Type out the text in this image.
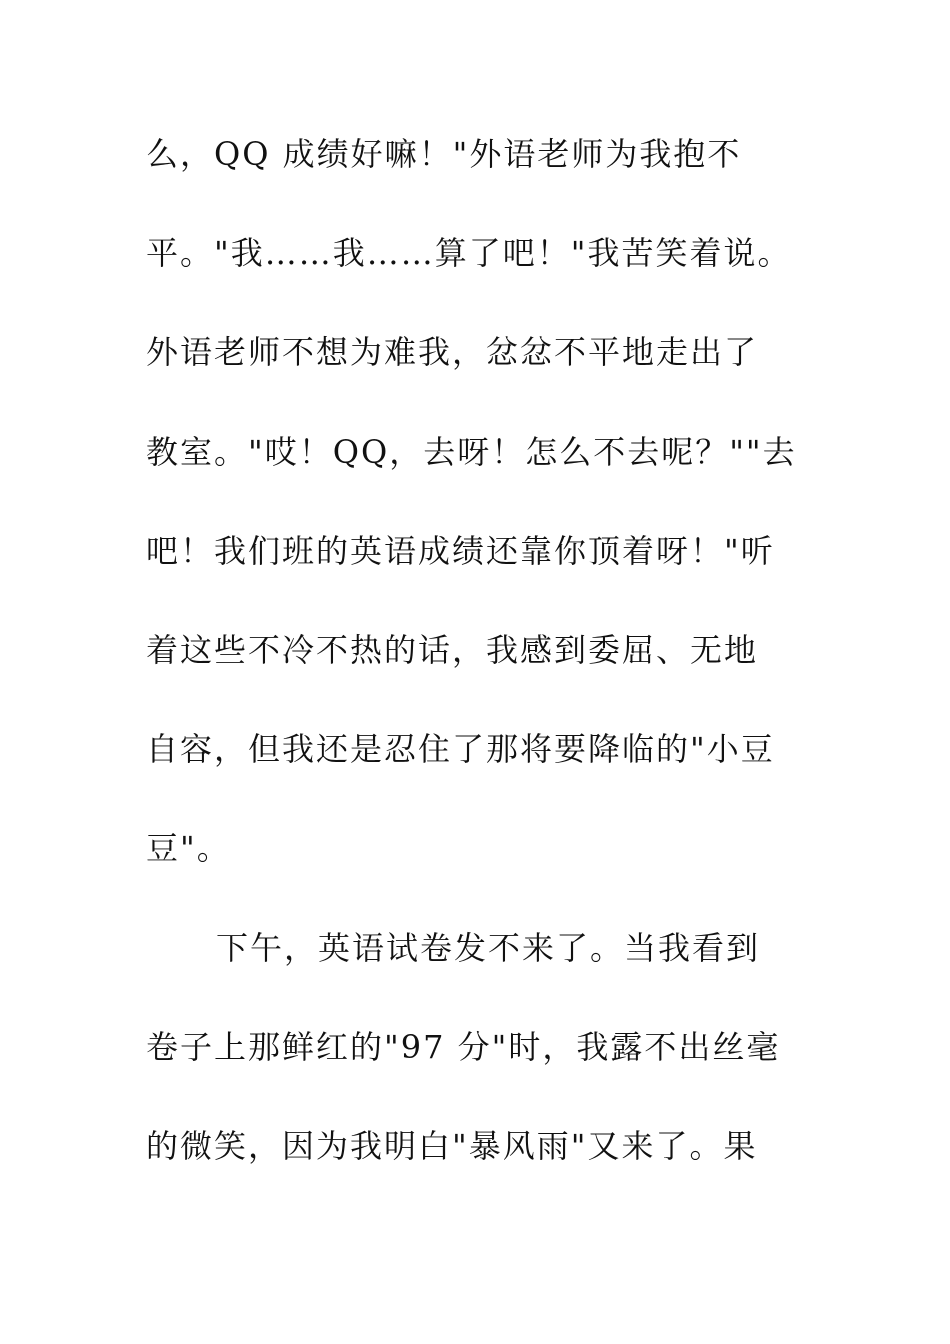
么，QQ 成绩好嘛！"外语老师为我抱不
平。"我……我……算了吧！"我苦笑着说。
外语老师不想为难我，忿忿不平地走出了
教室。"哎！QQ，去呀！怎么不去呢？""去
吧！我们班的英语成绩还靠你顶着呀！"听
着这些不冷不热的话，我感到委屈、无地
自容，但我还是忍住了那将要降临的"小豆
豆"。
下午，英语试卷发不来了。当我看到
卷子上那鲜红的"97 分"时，我露不出丝毫
的微笑，因为我明白"暴风雨"又来了。果
